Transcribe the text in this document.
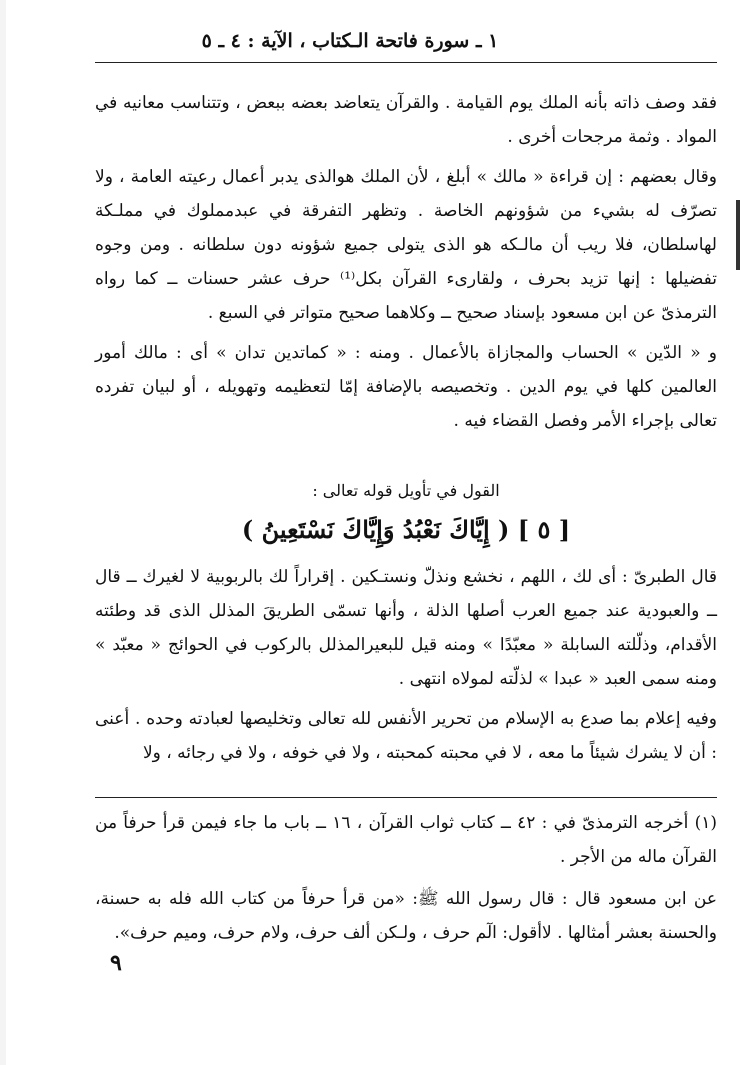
١ ـ سورة فاتحة الـكتاب ، الآية : ٤ ـ ٥

فقد وصف ذاته بأنه الملك يوم القيامة . والقرآن يتعاضد بعضه ببعض ، وتتناسب معانيه في المواد . وثمة مرجحات أخرى .

وقال بعضهم : إن قراءة « مالك » أبلغ ، لأن الملك هوالذى يدبر أعمال رعيته العامة ، ولا تصرّف له بشيء من شؤونهم الخاصة . وتظهر التفرقة في عبدمملوك في مملـكة لهاسلطان، فلا ريب أن مالـكه هو الذى يتولى جميع شؤونه دون سلطانه . ومن وجوه تفضيلها : إنها تزيد بحرف ، ولقارىء القرآن بكل⁽¹⁾ حرف عشر حسنات ــ كما رواه الترمذىّ عن ابن مسعود بإسناد صحيح ــ وكلاهما صحيح متواتر في السبع .

و « الدّين » الحساب والمجازاة بالأعمال . ومنه : « كماتدين تدان » أى : مالك أمور العالمين كلها في يوم الدين . وتخصيصه بالإضافة إمّا لتعظيمه وتهويله ، أو لبيان تفرده تعالى بإجراء الأمر وفصل القضاء فيه .

القول في تأويل قوله تعالى :
[ ٥ ] ( إِيَّاكَ نَعْبُدُ وَإِيَّاكَ نَسْتَعِينُ )

قال الطبرىّ : أى لك ، اللهم ، نخشع ونذلّ ونستـكين . إقراراً لك بالربوبية لا لغيرك ــ قال ــ والعبودية عند جميع العرب أصلها الذلة ، وأنها تسمّى الطريقَ المذلل الذى قد وطئته الأقدام، وذلّلته السابلة « معبّدًا » ومنه قيل للبعيرالمذلل بالركوب في الحوائج « معبّد » ومنه سمى العبد « عبدا » لذلّته لمولاه انتهى .

وفيه إعلام بما صدع به الإسلام من تحرير الأنفس لله تعالى وتخليصها لعبادته وحده . أعنى : أن لا يشرك شيئاً ما معه ، لا في محبته كمحبته ، ولا في خوفه ، ولا في رجائه ، ولا

(١) أخرجه الترمذىّ في : ٤٢ ــ كتاب ثواب القرآن ، ١٦ ــ باب ما جاء فيمن قرأ حرفاً من القرآن ماله من الأجر .

عن ابن مسعود قال : قال رسول الله ﷺ: «من قرأ حرفاً من كتاب الله فله به حسنة، والحسنة بعشر أمثالها . لاأقول: الٓم حرف ، ولـكن ألف حرف، ولام حرف، وميم حرف».

٩
